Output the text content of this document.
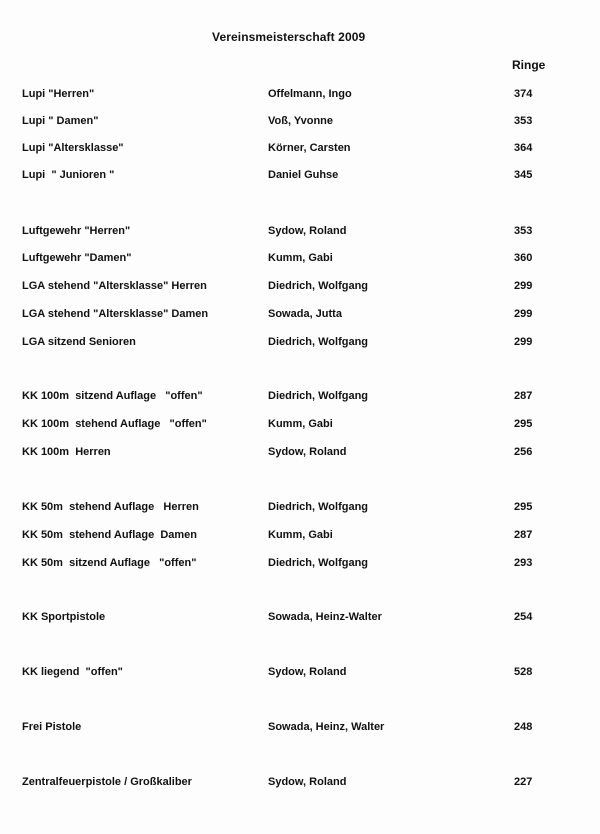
Vereinsmeisterschaft 2009
Ringe
Lupi "Herren"	Offelmann, Ingo	374
Lupi " Damen"	Voß, Yvonne	353
Lupi "Altersklasse"	Körner, Carsten	364
Lupi  " Junioren "	Daniel Guhse	345
Luftgewehr "Herren"	Sydow, Roland	353
Luftgewehr "Damen"	Kumm, Gabi	360
LGA stehend "Altersklasse" Herren	Diedrich, Wolfgang	299
LGA stehend "Altersklasse" Damen	Sowada, Jutta	299
LGA sitzend Senioren	Diedrich, Wolfgang	299
KK 100m  sitzend Auflage   "offen"	Diedrich, Wolfgang	287
KK 100m  stehend Auflage   "offen"	Kumm, Gabi	295
KK 100m  Herren	Sydow, Roland	256
KK 50m  stehend Auflage   Herren	Diedrich, Wolfgang	295
KK 50m  stehend Auflage  Damen	Kumm, Gabi	287
KK 50m  sitzend Auflage   "offen"	Diedrich, Wolfgang	293
KK Sportpistole	Sowada, Heinz-Walter	254
KK liegend  "offen"	Sydow, Roland	528
Frei Pistole	Sowada, Heinz, Walter	248
Zentralfeuerpistole / Großkaliber	Sydow, Roland	227
